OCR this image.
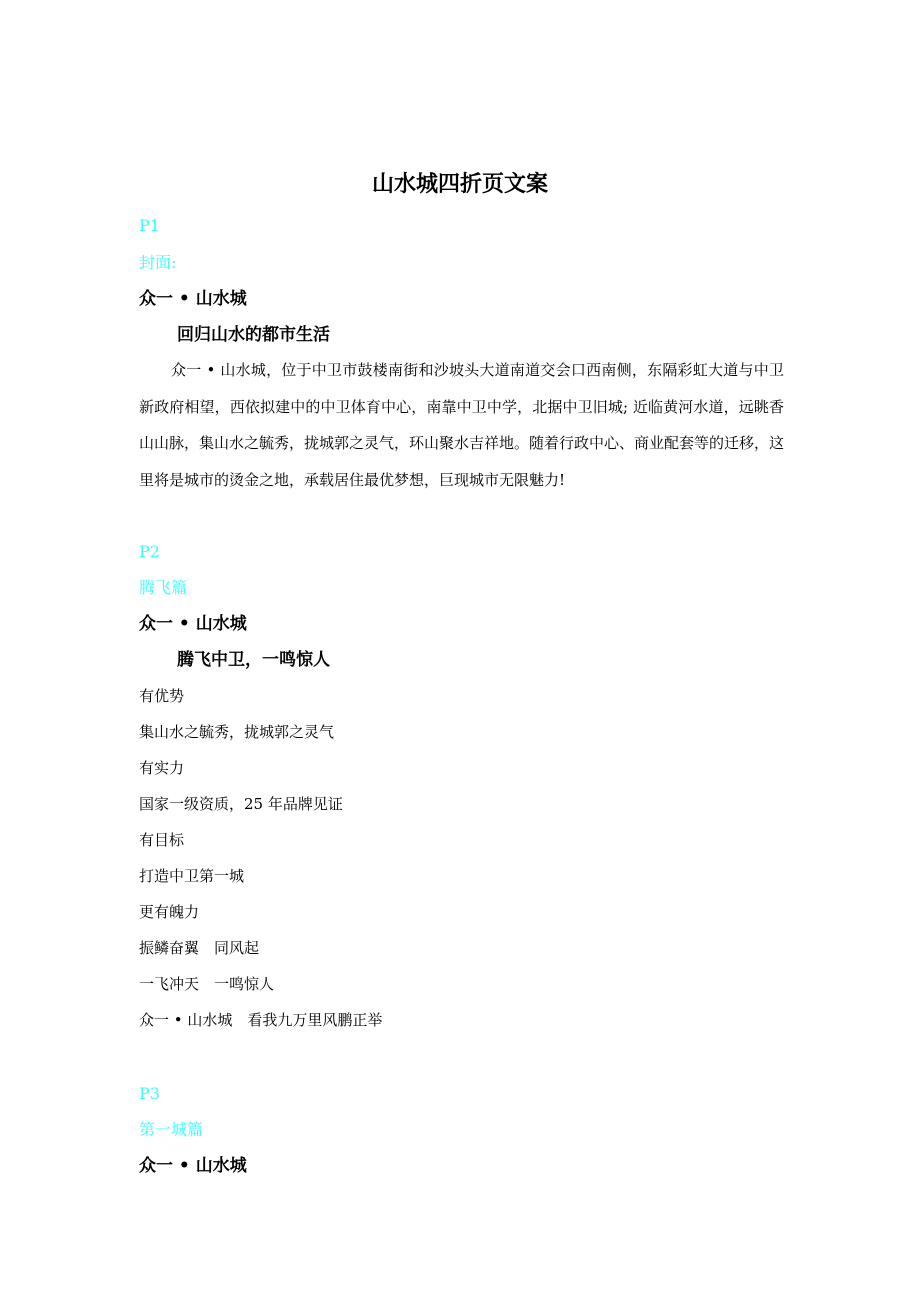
山水城四折页文案
P1
封面:
众一 • 山水城
回归山水的都市生活
众一 • 山水城，位于中卫市鼓楼南街和沙坡头大道南道交会口西南侧，东隔彩虹大道与中卫新政府相望，西依拟建中的中卫体育中心，南靠中卫中学，北据中卫旧城; 近临黄河水道，远眺香山山脉，集山水之毓秀，拢城郭之灵气，环山聚水吉祥地。随着行政中心、商业配套等的迁移，这里将是城市的烫金之地，承载居住最优梦想，巨现城市无限魅力!
P2
腾飞篇
众一 • 山水城
腾飞中卫，一鸣惊人
有优势
集山水之毓秀，拢城郭之灵气
有实力
国家一级资质，25 年品牌见证
有目标
打造中卫第一城
更有魄力
振鳞奋翼　同风起
一飞冲天　一鸣惊人
众一 • 山水城　看我九万里风鹏正举
P3
第一城篇
众一 • 山水城
